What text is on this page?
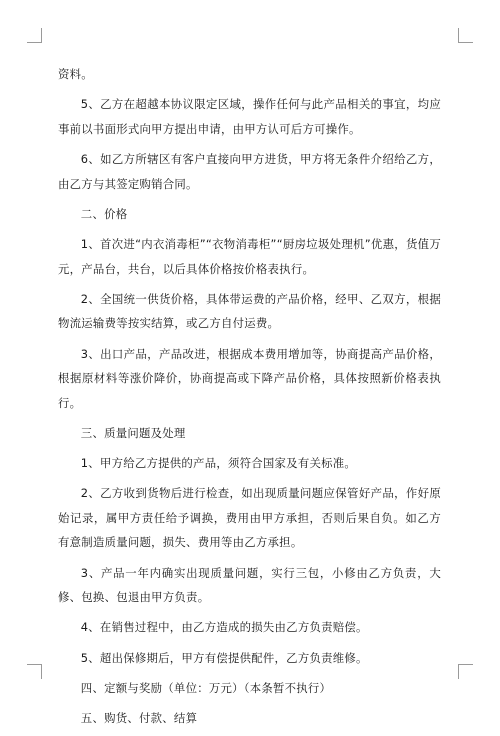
资料。

5、乙方在超越本协议限定区域，操作任何与此产品相关的事宜，均应事前以书面形式向甲方提出申请，由甲方认可后方可操作。

6、如乙方所辖区有客户直接向甲方进货，甲方将无条件介绍给乙方，由乙方与其签定购销合同。

二、价格

1、首次进“内衣消毒柜”“衣物消毒柜”“厨房垃圾处理机”优惠，货值万元，产品台，共台，以后具体价格按价格表执行。

2、全国统一供货价格，具体带运费的产品价格，经甲、乙双方，根据物流运输费等按实结算，或乙方自付运费。

3、出口产品，产品改进，根据成本费用增加等，协商提高产品价格，根据原材料等涨价降价，协商提高或下降产品价格，具体按照新价格表执行。

三、质量问题及处理

1、甲方给乙方提供的产品，须符合国家及有关标准。

2、乙方收到货物后进行检查，如出现质量问题应保管好产品，作好原始记录，属甲方责任给予调换，费用由甲方承担，否则后果自负。如乙方有意制造质量问题，损失、费用等由乙方承担。

3、产品一年内确实出现质量问题，实行三包，小修由乙方负责，大修、包换、包退由甲方负责。

4、在销售过程中，由乙方造成的损失由乙方负责赔偿。

5、超出保修期后，甲方有偿提供配件，乙方负责维修。

四、定额与奖励（单位：万元）（本条暂不执行）

五、购货、付款、结算
